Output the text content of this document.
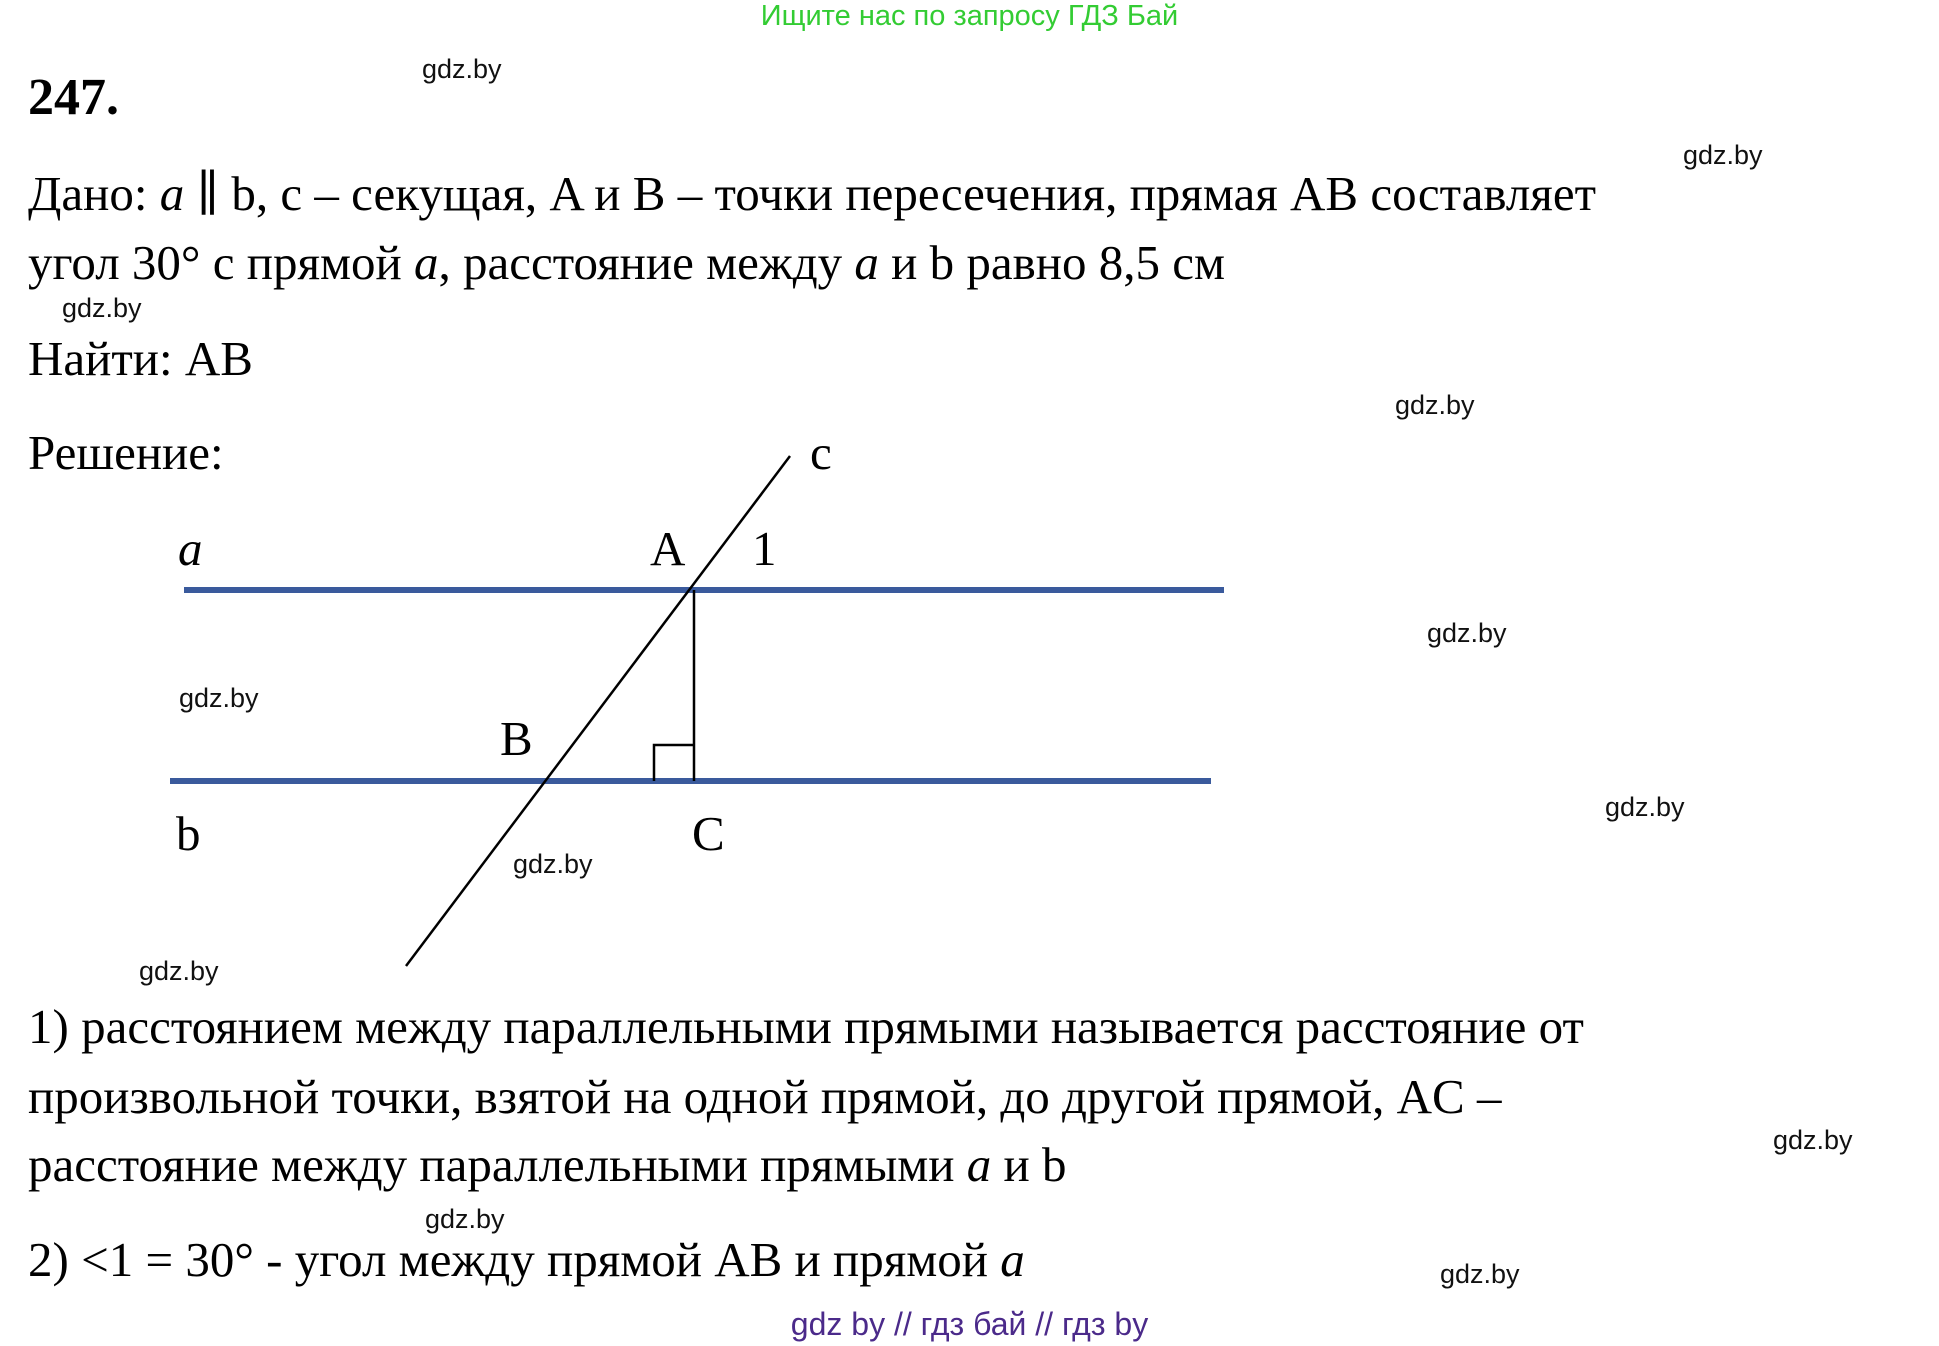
Ищите нас по запросу ГДЗ Бай
247.
Дано: a ∥ b, c – секущая, A и B – точки пересечения, прямая AB составляет
угол 30° с прямой a, расстояние между a и b равно 8,5 см
Найти: AB
Решение:
a
c
A 1
B
b	C
1) расстоянием между параллельными прямыми называется расстояние от
произвольной точки, взятой на одной прямой, до другой прямой, AC –
расстояние между параллельными прямыми a и b
2) <1 = 30° - угол между прямой AB и прямой a
gdz.by
gdz.by
gdz.by
gdz.by
gdz.by
gdz.by
gdz.by
gdz.by
gdz.by
gdz.by
gdz.by
gdz.by
gdz by // гдз бай // гдз by
